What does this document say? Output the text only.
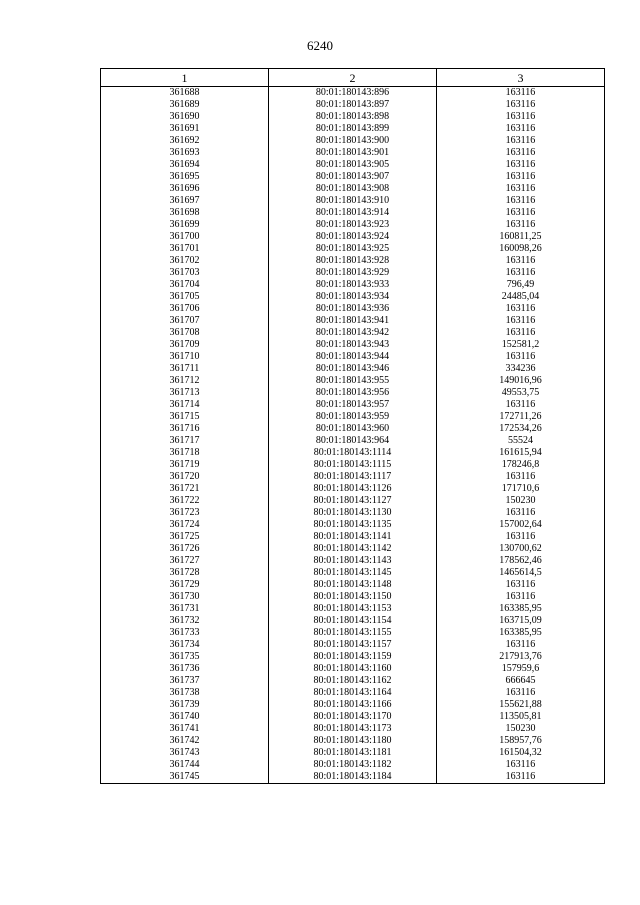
6240
1	2	3
361688	80:01:180143:896	163116
361689	80:01:180143:897	163116
361690	80:01:180143:898	163116
361691	80:01:180143:899	163116
361692	80:01:180143:900	163116
361693	80:01:180143:901	163116
361694	80:01:180143:905	163116
361695	80:01:180143:907	163116
361696	80:01:180143:908	163116
361697	80:01:180143:910	163116
361698	80:01:180143:914	163116
361699	80:01:180143:923	163116
361700	80:01:180143:924	160811,25
361701	80:01:180143:925	160098,26
361702	80:01:180143:928	163116
361703	80:01:180143:929	163116
361704	80:01:180143:933	796,49
361705	80:01:180143:934	24485,04
361706	80:01:180143:936	163116
361707	80:01:180143:941	163116
361708	80:01:180143:942	163116
361709	80:01:180143:943	152581,2
361710	80:01:180143:944	163116
361711	80:01:180143:946	334236
361712	80:01:180143:955	149016,96
361713	80:01:180143:956	49553,75
361714	80:01:180143:957	163116
361715	80:01:180143:959	172711,26
361716	80:01:180143:960	172534,26
361717	80:01:180143:964	55524
361718	80:01:180143:1114	161615,94
361719	80:01:180143:1115	178246,8
361720	80:01:180143:1117	163116
361721	80:01:180143:1126	171710,6
361722	80:01:180143:1127	150230
361723	80:01:180143:1130	163116
361724	80:01:180143:1135	157002,64
361725	80:01:180143:1141	163116
361726	80:01:180143:1142	130700,62
361727	80:01:180143:1143	178562,46
361728	80:01:180143:1145	1465614,5
361729	80:01:180143:1148	163116
361730	80:01:180143:1150	163116
361731	80:01:180143:1153	163385,95
361732	80:01:180143:1154	163715,09
361733	80:01:180143:1155	163385,95
361734	80:01:180143:1157	163116
361735	80:01:180143:1159	217913,76
361736	80:01:180143:1160	157959,6
361737	80:01:180143:1162	666645
361738	80:01:180143:1164	163116
361739	80:01:180143:1166	155621,88
361740	80:01:180143:1170	113505,81
361741	80:01:180143:1173	150230
361742	80:01:180143:1180	158957,76
361743	80:01:180143:1181	161504,32
361744	80:01:180143:1182	163116
361745	80:01:180143:1184	163116
